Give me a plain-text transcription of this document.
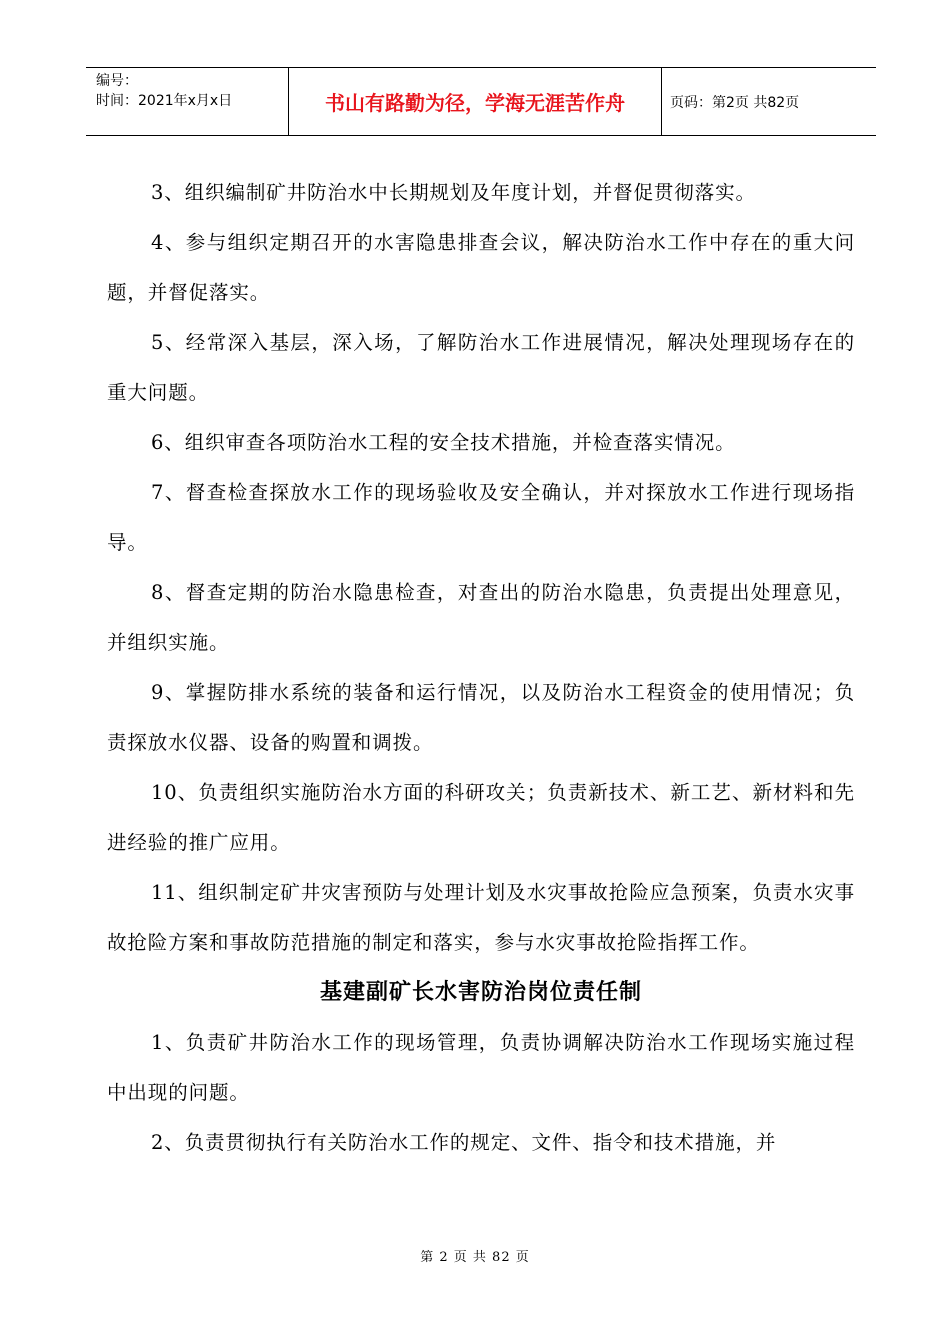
编号：
时间：2021年x月x日	书山有路勤为径，学海无涯苦作舟	页码：第2页 共82页

3、组织编制矿井防治水中长期规划及年度计划，并督促贯彻落实。

4、参与组织定期召开的水害隐患排查会议，解决防治水工作中存在的重大问题，并督促落实。

5、经常深入基层，深入场，了解防治水工作进展情况，解决处理现场存在的重大问题。

6、组织审查各项防治水工程的安全技术措施，并检查落实情况。

7、督查检查探放水工作的现场验收及安全确认，并对探放水工作进行现场指导。

8、督查定期的防治水隐患检查，对查出的防治水隐患，负责提出处理意见，并组织实施。

9、掌握防排水系统的装备和运行情况，以及防治水工程资金的使用情况；负责探放水仪器、设备的购置和调拨。

10、负责组织实施防治水方面的科研攻关；负责新技术、新工艺、新材料和先进经验的推广应用。

11、组织制定矿井灾害预防与处理计划及水灾事故抢险应急预案，负责水灾事故抢险方案和事故防范措施的制定和落实，参与水灾事故抢险指挥工作。

基建副矿长水害防治岗位责任制

1、负责矿井防治水工作的现场管理，负责协调解决防治水工作现场实施过程中出现的问题。

2、负责贯彻执行有关防治水工作的规定、文件、指令和技术措施，并

第 2 页 共 82 页
